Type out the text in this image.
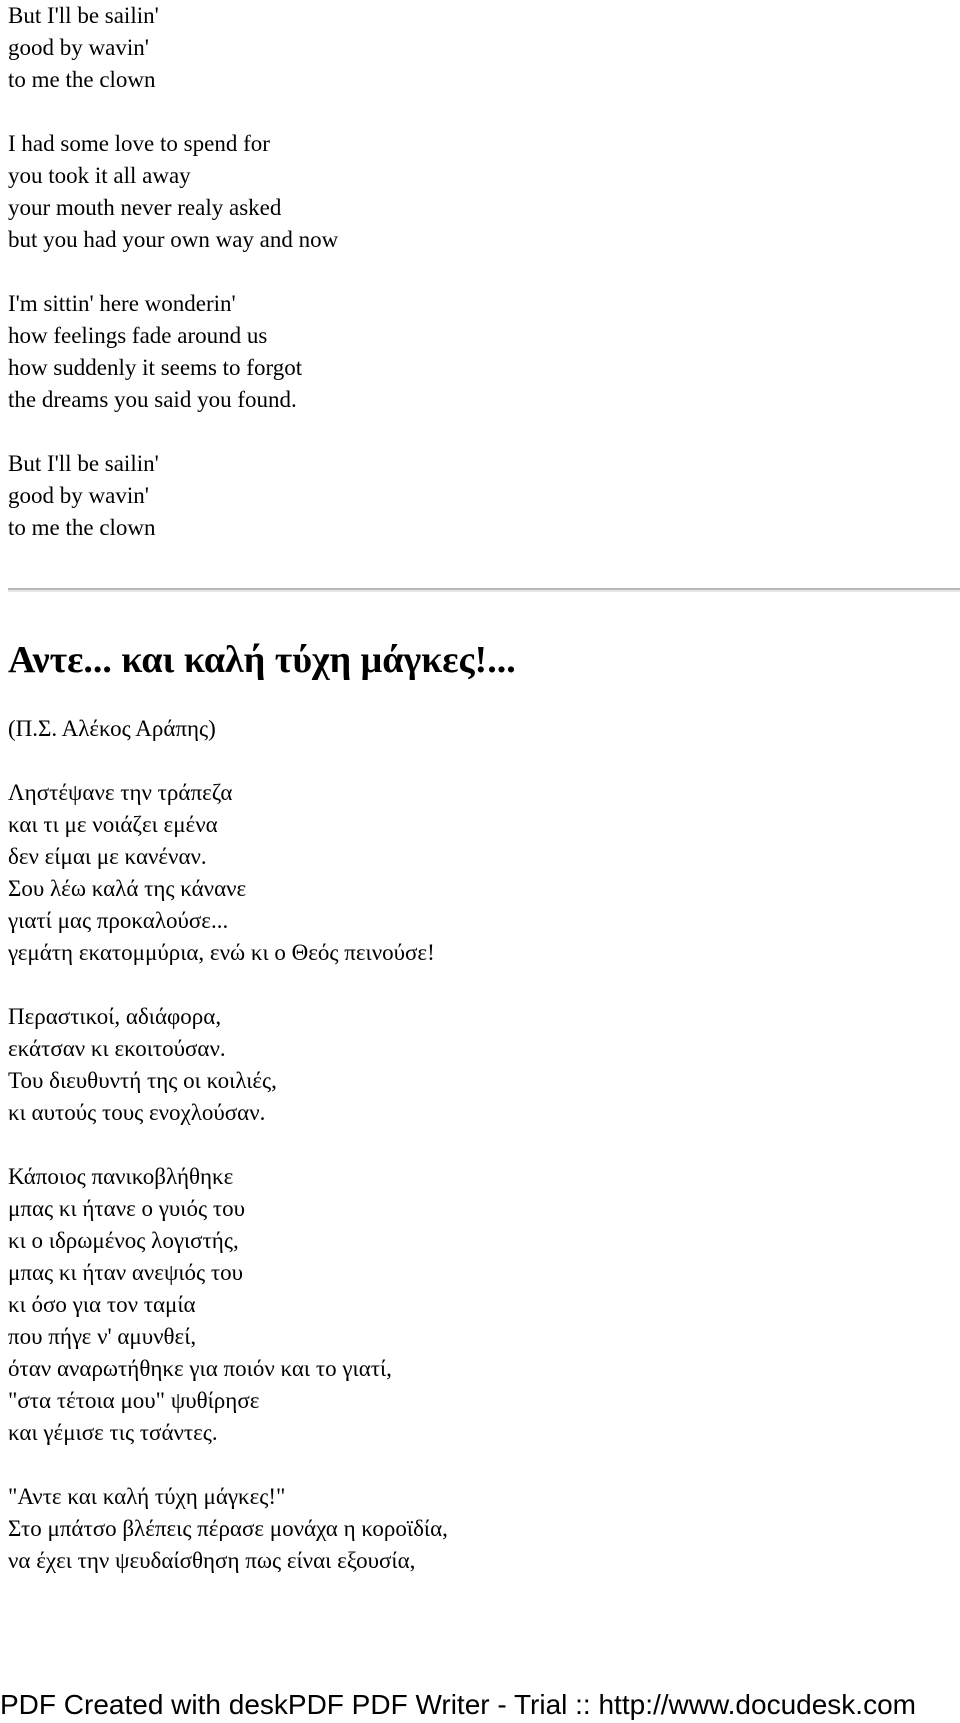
But I'll be sailin'
good by wavin'
to me the clown
I had some love to spend for
you took it all away
your mouth never realy asked
but you had your own way and now
I'm sittin' here wonderin'
how feelings fade around us
how suddenly it seems to forgot
the dreams you said you found.
But I'll be sailin'
good by wavin'
to me the clown
Αντε... και καλή τύχη μάγκες!...
(Π.Σ. Αλέκος Αράπης)
Ληστέψανε την τράπεζα
και τι με νοιάζει εμένα
δεν είμαι με κανέναν.
Σου λέω καλά της κάνανε
γιατί μας προκαλούσε...
γεμάτη εκατομμύρια, ενώ κι ο Θεός πεινούσε!
Περαστικοί, αδιάφορα,
εκάτσαν κι εκοιτούσαν.
Του διευθυντή της οι κοιλιές,
κι αυτούς τους ενοχλούσαν.
Κάποιος πανικοβλήθηκε
μπας κι ήτανε ο γυιός του
κι ο ιδρωμένος λογιστής,
μπας κι ήταν ανεψιός του
κι όσο για τον ταμία
που πήγε ν' αμυνθεί,
όταν αναρωτήθηκε για ποιόν και το γιατί,
"στα τέτοια μου" ψυθίρησε
και γέμισε τις τσάντες.
"Αντε και καλή τύχη μάγκες!"
Στο μπάτσο βλέπεις πέρασε μονάχα η κοροϊδία,
να έχει την ψευδαίσθηση πως είναι εξουσία,
PDF Created with deskPDF PDF Writer - Trial :: http://www.docudesk.com
